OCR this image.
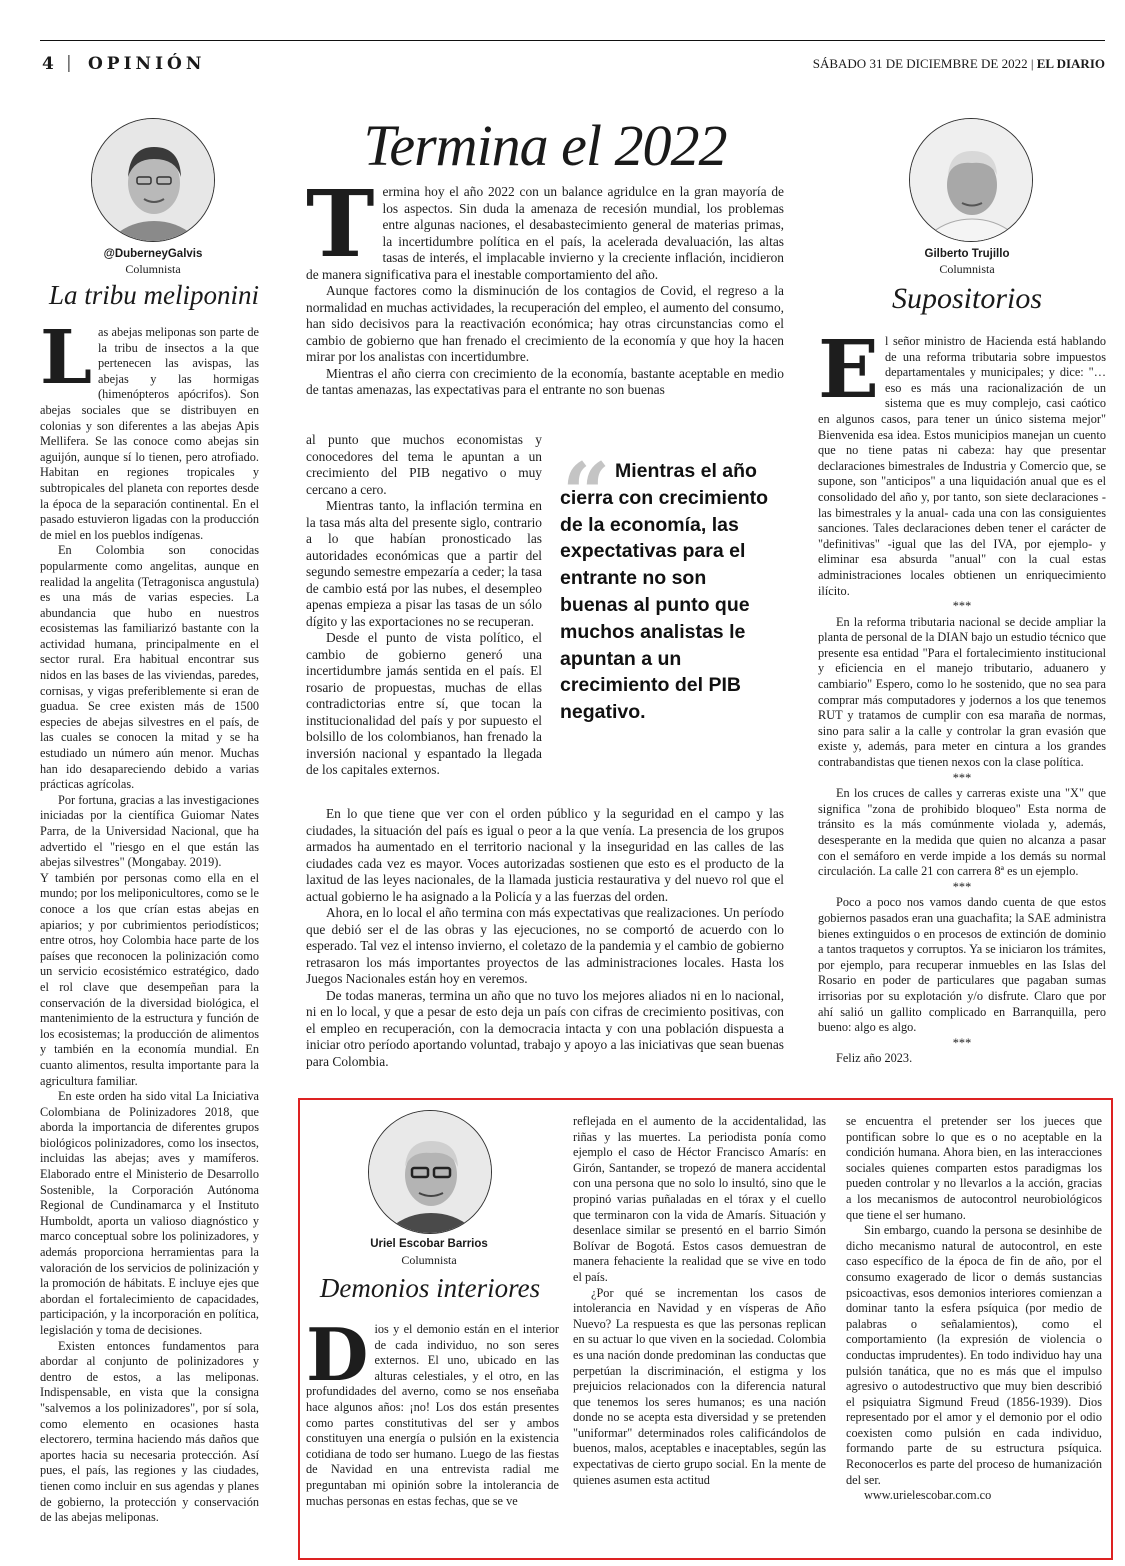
4 | OPINIÓN	SÁBADO 31 DE DICIEMBRE DE 2022 | EL DIARIO
@DuberneyGalvis
Columnista
La tribu meliponini

Las abejas meliponas son parte de la tribu de insectos a la que pertenecen las avispas, las abejas y las hormigas (himenópteros apócrifos). Son abejas sociales que se distribuyen en colonias y son diferentes a las abejas Apis Mellifera. Se las conoce como abejas sin aguijón, aunque sí lo tienen, pero atrofiado. Habitan en regiones tropicales y subtropicales del planeta con reportes desde la época de la separación continental. En el pasado estuvieron ligadas con la producción de miel en los pueblos indígenas.

En Colombia son conocidas popularmente como angelitas, aunque en realidad la angelita (Tetragonisca angustula) es una más de varias especies. La abundancia que hubo en nuestros ecosistemas las familiarizó bastante con la actividad humana, principalmente en el sector rural. Era habitual encontrar sus nidos en las bases de las viviendas, paredes, cornisas, y vigas preferiblemente si eran de guadua. Se cree existen más de 1500 especies de abejas silvestres en el país, de las cuales se conocen la mitad y se ha estudiado un número aún menor. Muchas han ido desapareciendo debido a varias prácticas agrícolas.

Por fortuna, gracias a las investigaciones iniciadas por la científica Guiomar Nates Parra, de la Universidad Nacional, que ha advertido el "riesgo en el que están las abejas silvestres" (Mongabay. 2019).

Y también por personas como ella en el mundo; por los meliponicultores, como se le conoce a los que crían estas abejas en apiarios; y por cubrimientos periodísticos; entre otros, hoy Colombia hace parte de los países que reconocen la polinización como un servicio ecosistémico estratégico, dado el rol clave que desempeñan para la conservación de la diversidad biológica, el mantenimiento de la estructura y función de los ecosistemas; la producción de alimentos y también en la economía mundial. En cuanto alimentos, resulta importante para la agricultura familiar.

En este orden ha sido vital La Iniciativa Colombiana de Polinizadores 2018, que aborda la importancia de diferentes grupos biológicos polinizadores, como los insectos, incluidas las abejas; aves y mamíferos. Elaborado entre el Ministerio de Desarrollo Sostenible, la Corporación Autónoma Regional de Cundinamarca y el Instituto Humboldt, aporta un valioso diagnóstico y marco conceptual sobre los polinizadores, y además proporciona herramientas para la valoración de los servicios de polinización y la promoción de hábitats. E incluye ejes que abordan el fortalecimiento de capacidades, participación, y la incorporación en política, legislación y toma de decisiones.

Existen entonces fundamentos para abordar al conjunto de polinizadores y dentro de estos, a las meliponas. Indispensable, en vista que la consigna "salvemos a los polinizadores", por sí sola, como elemento en ocasiones hasta electorero, termina haciendo más daños que aportes hacia su necesaria protección. Así pues, el país, las regiones y las ciudades, tienen como incluir en sus agendas y planes de gobierno, la protección y conservación de las abejas meliponas.

Termina el 2022

Termina hoy el año 2022 con un balance agridulce en la gran mayoría de los aspectos. Sin duda la amenaza de recesión mundial, los problemas entre algunas naciones, el desabastecimiento general de materias primas, la incertidumbre política en el país, la acelerada devaluación, las altas tasas de interés, el implacable invierno y la creciente inflación, incidieron de manera significativa para el inestable comportamiento del año.

Aunque factores como la disminución de los contagios de Covid, el regreso a la normalidad en muchas actividades, la recuperación del empleo, el aumento del consumo, han sido decisivos para la reactivación económica; hay otras circunstancias como el cambio de gobierno que han frenado el crecimiento de la economía y que hoy la hacen mirar por los analistas con incertidumbre.

Mientras el año cierra con crecimiento de la economía, bastante aceptable en medio de tantas amenazas, las expectativas para el entrante no son buenas

al punto que muchos economistas y conocedores del tema le apuntan a un crecimiento del PIB negativo o muy cercano a cero.

Mientras tanto, la inflación termina en la tasa más alta del presente siglo, contrario a lo que habían pronosticado las autoridades económicas que a partir del segundo semestre empezaría a ceder; la tasa de cambio está por las nubes, el desempleo apenas empieza a pisar las tasas de un sólo dígito y las exportaciones no se recuperan.

Desde el punto de vista político, el cambio de gobierno generó una incertidumbre jamás sentida en el país. El rosario de propuestas, muchas de ellas contradictorias entre sí, que tocan la institucionalidad del país y por supuesto el bolsillo de los colombianos, han frenado la inversión nacional y espantado la llegada de los capitales externos.

“ Mientras el año cierra con crecimiento de la economía, las expectativas para el entrante no son buenas al punto que muchos analistas le apuntan a un crecimiento del PIB negativo.

En lo que tiene que ver con el orden público y la seguridad en el campo y las ciudades, la situación del país es igual o peor a la que venía. La presencia de los grupos armados ha aumentado en el territorio nacional y la inseguridad en las calles de las ciudades cada vez es mayor. Voces autorizadas sostienen que esto es el producto de la laxitud de las leyes nacionales, de la llamada justicia restaurativa y del nuevo rol que el actual gobierno le ha asignado a la Policía y a las fuerzas del orden.

Ahora, en lo local el año termina con más expectativas que realizaciones. Un período que debió ser el de las obras y las ejecuciones, no se comportó de acuerdo con lo esperado. Tal vez el intenso invierno, el coletazo de la pandemia y el cambio de gobierno retrasaron los más importantes proyectos de las administraciones locales. Hasta los Juegos Nacionales están hoy en veremos.

De todas maneras, termina un año que no tuvo los mejores aliados ni en lo nacional, ni en lo local, y que a pesar de esto deja un país con cifras de crecimiento positivas, con el empleo en recuperación, con la democracia intacta y con una población dispuesta a iniciar otro período aportando voluntad, trabajo y apoyo a las iniciativas que sean buenas para Colombia.

Gilberto Trujillo
Columnista
Supositorios

El señor ministro de Hacienda está hablando de una reforma tributaria sobre impuestos departamentales y municipales; y dice: "… eso es más una racionalización de un sistema que es muy complejo, casi caótico en algunos casos, para tener un único sistema mejor" Bienvenida esa idea. Estos municipios manejan un cuento que no tiene patas ni cabeza: hay que presentar declaraciones bimestrales de Industria y Comercio que, se supone, son "anticipos" a una liquidación anual que es el consolidado del año y, por tanto, son siete declaraciones -las bimestrales y la anual- cada una con las consiguientes sanciones. Tales declaraciones deben tener el carácter de "definitivas" -igual que las del IVA, por ejemplo- y eliminar esa absurda "anual" con la cual estas administraciones locales obtienen un enriquecimiento ilícito.

***

En la reforma tributaria nacional se decide ampliar la planta de personal de la DIAN bajo un estudio técnico que presente esa entidad "Para el fortalecimiento institucional y eficiencia en el manejo tributario, aduanero y cambiario" Espero, como lo he sostenido, que no sea para comprar más computadores y jodernos a los que tenemos RUT y tratamos de cumplir con esa maraña de normas, sino para salir a la calle y controlar la gran evasión que existe y, además, para meter en cintura a los grandes contrabandistas que tienen nexos con la clase política.

***

En los cruces de calles y carreras existe una "X" que significa "zona de prohibido bloqueo" Esta norma de tránsito es la más comúnmente violada y, además, desesperante en la medida que quien no alcanza a pasar con el semáforo en verde impide a los demás su normal circulación. La calle 21 con carrera 8ª es un ejemplo.

***

Poco a poco nos vamos dando cuenta de que estos gobiernos pasados eran una guachafita; la SAE administra bienes extinguidos o en procesos de extinción de dominio a tantos traquetos y corruptos. Ya se iniciaron los trámites, por ejemplo, para recuperar inmuebles en las Islas del Rosario en poder de particulares que pagaban sumas irrisorias por su explotación y/o disfrute. Claro que por ahí salió un gallito complicado en Barranquilla, pero bueno: algo es algo.

***

Feliz año 2023.

Uriel Escobar Barrios
Columnista
Demonios interiores

Dios y el demonio están en el interior de cada individuo, no son seres externos. El uno, ubicado en las alturas celestiales, y el otro, en las profundidades del averno, como se nos enseñaba hace algunos años: ¡no! Los dos están presentes como partes constitutivas del ser y ambos constituyen una energía o pulsión en la existencia cotidiana de todo ser humano. Luego de las fiestas de Navidad en una entrevista radial me preguntaban mi opinión sobre la intolerancia de muchas personas en estas fechas, que se ve

reflejada en el aumento de la accidentalidad, las riñas y las muertes. La periodista ponía como ejemplo el caso de Héctor Francisco Amarís: en Girón, Santander, se tropezó de manera accidental con una persona que no solo lo insultó, sino que le propinó varias puñaladas en el tórax y el cuello que terminaron con la vida de Amarís. Situación y desenlace similar se presentó en el barrio Simón Bolívar de Bogotá. Estos casos demuestran de manera fehaciente la realidad que se vive en todo el país.

¿Por qué se incrementan los casos de intolerancia en Navidad y en vísperas de Año Nuevo? La respuesta es que las personas replican en su actuar lo que viven en la sociedad. Colombia es una nación donde predominan las conductas que perpetúan la discriminación, el estigma y los prejuicios relacionados con la diferencia natural que tenemos los seres humanos; es una nación donde no se acepta esta diversidad y se pretenden "uniformar" determinados roles calificándolos de buenos, malos, aceptables e inaceptables, según las expectativas de cierto grupo social. En la mente de quienes asumen esta actitud

se encuentra el pretender ser los jueces que pontifican sobre lo que es o no aceptable en la condición humana. Ahora bien, en las interacciones sociales quienes comparten estos paradigmas los pueden controlar y no llevarlos a la acción, gracias a los mecanismos de autocontrol neurobiológicos que tiene el ser humano.

Sin embargo, cuando la persona se desinhibe de dicho mecanismo natural de autocontrol, en este caso específico de la época de fin de año, por el consumo exagerado de licor o demás sustancias psicoactivas, esos demonios interiores comienzan a dominar tanto la esfera psíquica (por medio de palabras o señalamientos), como el comportamiento (la expresión de violencia o conductas imprudentes). En todo individuo hay una pulsión tanática, que no es más que el impulso agresivo o autodestructivo que muy bien describió el psiquiatra Sigmund Freud (1856-1939). Dios representado por el amor y el demonio por el odio coexisten como pulsión en cada individuo, formando parte de su estructura psíquica. Reconocerlos es parte del proceso de humanización del ser.

www.urielescobar.com.co
